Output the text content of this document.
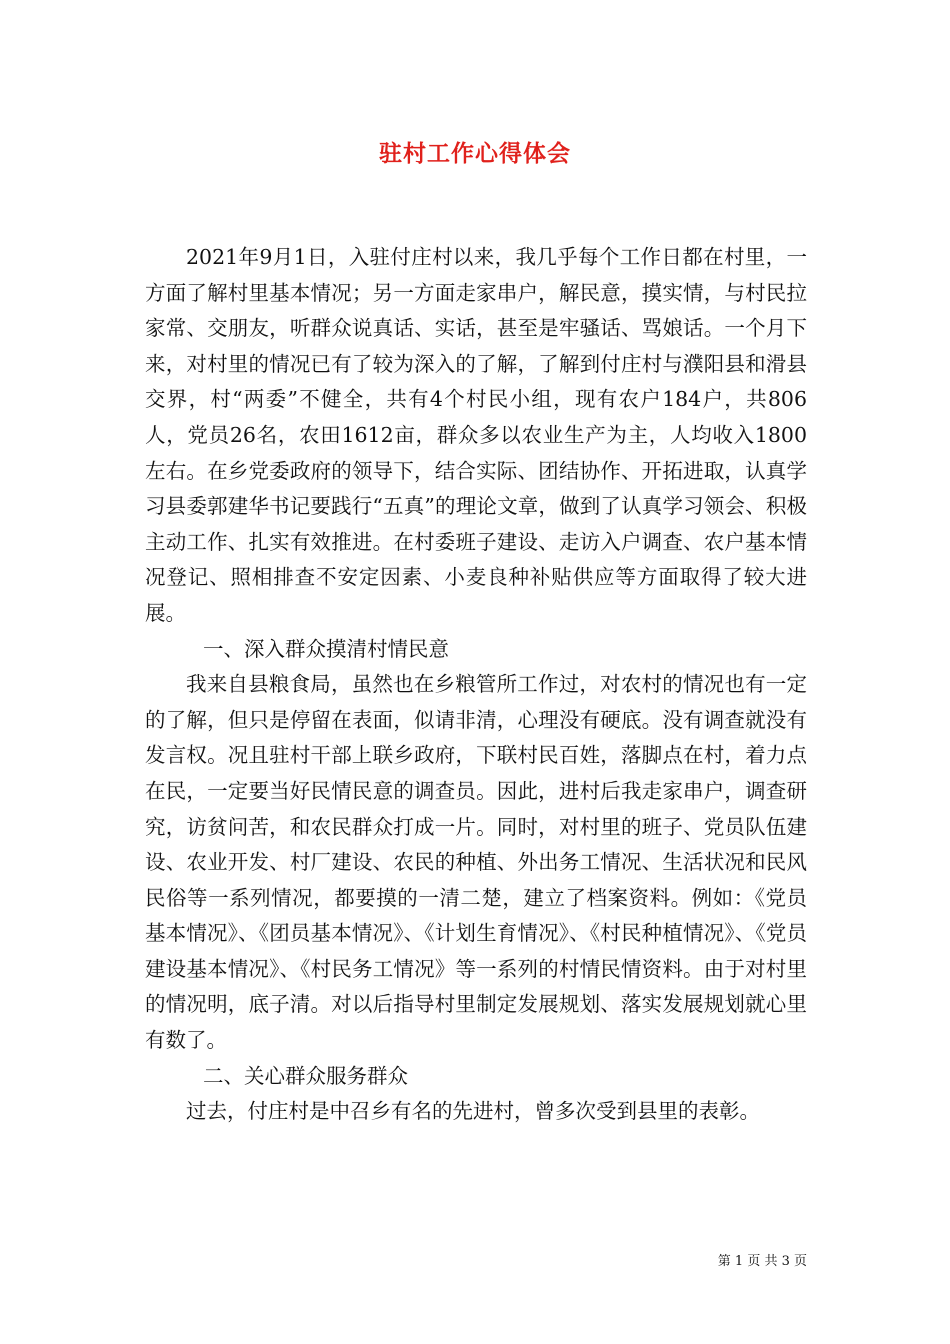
驻村工作心得体会

2021年9月1日，入驻付庄村以来，我几乎每个工作日都在村里，一方面了解村里基本情况；另一方面走家串户，解民意，摸实情，与村民拉家常、交朋友，听群众说真话、实话，甚至是牢骚话、骂娘话。一个月下来，对村里的情况已有了较为深入的了解，了解到付庄村与濮阳县和滑县交界，村“两委”不健全，共有4个村民小组，现有农户184户，共806人，党员26名，农田1612亩，群众多以农业生产为主，人均收入1800左右。在乡党委政府的领导下，结合实际、团结协作、开拓进取，认真学习县委郭建华书记要践行“五真”的理论文章，做到了认真学习领会、积极主动工作、扎实有效推进。在村委班子建设、走访入户调查、农户基本情况登记、照相排查不安定因素、小麦良种补贴供应等方面取得了较大进展。

一、深入群众摸清村情民意

我来自县粮食局，虽然也在乡粮管所工作过，对农村的情况也有一定的了解，但只是停留在表面，似请非清，心理没有硬底。没有调查就没有发言权。况且驻村干部上联乡政府，下联村民百姓，落脚点在村，着力点在民，一定要当好民情民意的调查员。因此，进村后我走家串户，调查研究，访贫问苦，和农民群众打成一片。同时，对村里的班子、党员队伍建设、农业开发、村厂建设、农民的种植、外出务工情况、生活状况和民风民俗等一系列情况，都要摸的一清二楚，建立了档案资料。例如：《党员基本情况》、《团员基本情况》、《计划生育情况》、《村民种植情况》、《党员建设基本情况》、《村民务工情况》等一系列的村情民情资料。由于对村里的情况明，底子清。对以后指导村里制定发展规划、落实发展规划就心里有数了。

二、关心群众服务群众

过去，付庄村是中召乡有名的先进村，曾多次受到县里的表彰。

第 1 页 共 3 页
